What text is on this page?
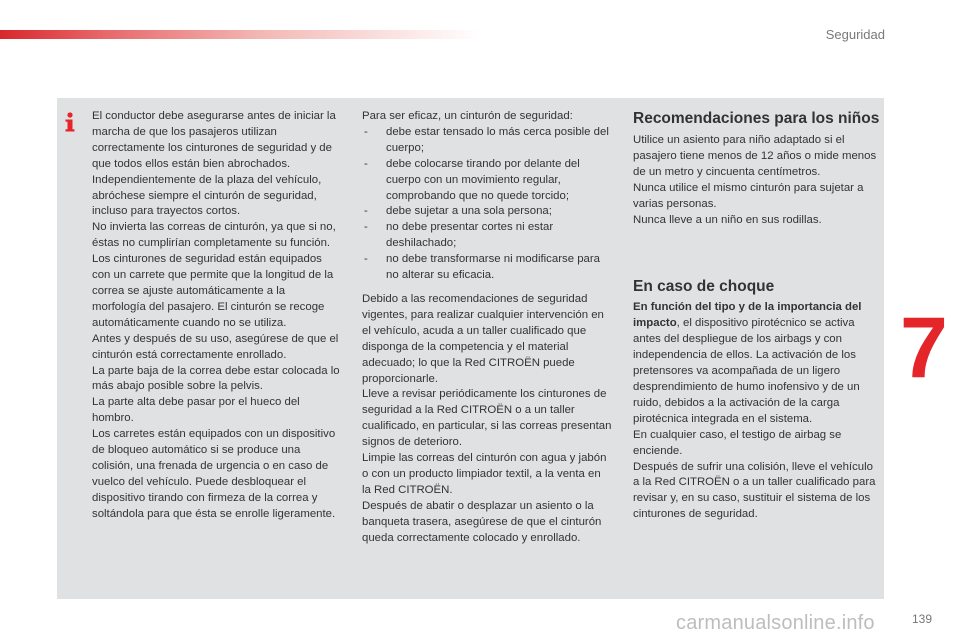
Seguridad
7

El conductor debe asegurarse antes de iniciar la marcha de que los pasajeros utilizan correctamente los cinturones de seguridad y de que todos ellos están bien abrochados.

Independientemente de la plaza del vehículo, abróchese siempre el cinturón de seguridad, incluso para trayectos cortos.

No invierta las correas de cinturón, ya que si no, éstas no cumplirían completamente su función.

Los cinturones de seguridad están equipados con un carrete que permite que la longitud de la correa se ajuste automáticamente a la morfología del pasajero. El cinturón se recoge automáticamente cuando no se utiliza.

Antes y después de su uso, asegúrese de que el cinturón está correctamente enrollado.

La parte baja de la correa debe estar colocada lo más abajo posible sobre la pelvis.

La parte alta debe pasar por el hueco del hombro.

Los carretes están equipados con un dispositivo de bloqueo automático si se produce una colisión, una frenada de urgencia o en caso de vuelco del vehículo. Puede desbloquear el dispositivo tirando con firmeza de la correa y soltándola para que ésta se enrolle ligeramente.

Para ser eficaz, un cinturón de seguridad:

- debe estar tensado lo más cerca posible del cuerpo;
- debe colocarse tirando por delante del cuerpo con un movimiento regular, comprobando que no quede torcido;
- debe sujetar a una sola persona;
- no debe presentar cortes ni estar deshilachado;
- no debe transformarse ni modificarse para no alterar su eficacia.

Debido a las recomendaciones de seguridad vigentes, para realizar cualquier intervención en el vehículo, acuda a un taller cualificado que disponga de la competencia y el material adecuado; lo que la Red CITROËN puede proporcionarle.

Lleve a revisar periódicamente los cinturones de seguridad a la Red CITROËN o a un taller cualificado, en particular, si las correas presentan signos de deterioro.

Limpie las correas del cinturón con agua y jabón o con un producto limpiador textil, a la venta en la Red CITROËN.

Después de abatir o desplazar un asiento o la banqueta trasera, asegúrese de que el cinturón queda correctamente colocado y enrollado.

Recomendaciones para los niños

Utilice un asiento para niño adaptado si el pasajero tiene menos de 12 años o mide menos de un metro y cincuenta centímetros.

Nunca utilice el mismo cinturón para sujetar a varias personas.

Nunca lleve a un niño en sus rodillas.

En caso de choque

En función del tipo y de la importancia del impacto, el dispositivo pirotécnico se activa antes del despliegue de los airbags y con independencia de ellos. La activación de los pretensores va acompañada de un ligero desprendimiento de humo inofensivo y de un ruido, debidos a la activación de la carga pirotécnica integrada en el sistema.

En cualquier caso, el testigo de airbag se enciende.

Después de sufrir una colisión, lleve el vehículo a la Red CITROËN o a un taller cualificado para revisar y, en su caso, sustituir el sistema de los cinturones de seguridad.

carmanualsonline.info	139
